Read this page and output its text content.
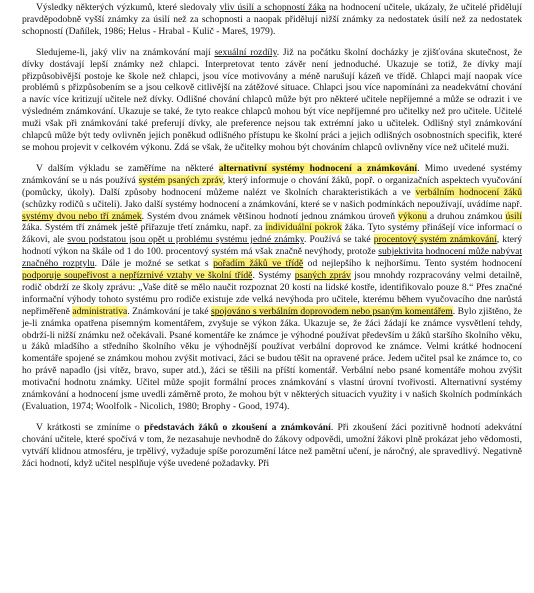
Výsledky některých výzkumů, které sledovaly vliv úsilí a schopností žáka na hodnocení učitele, ukázaly, že učitelé přidělují pravděpodobně vyšší známky za úsilí než za schopnosti a naopak přidělují nižší známky za nedostatek úsilí než za nedostatek schopností (Daňílek, 1986; Helus - Hrabal - Kulič - Mareš, 1979).

Sledujeme-li, jaký vliv na známkování mají sexuální rozdíly. Již na počátku školní docházky je zjišťována skutečnost, že dívky dostávají lepší známky než chlapci. Interpretovat tento závěr není jednoduché. Ukazuje se totiž, že dívky mají přizpůsobivější postoje ke škole než chlapci, jsou více motivovány a méně narušují kázeň ve třídě. Chlapci mají naopak více problémů s přizpůsobením se a jsou celkově citlivější na zátěžové situace. Chlapci jsou více napomínáni za neadekvátní chování a navíc více kritizují učitele než dívky. Odlišné chování chlapců může být pro některé učitele nepříjemné a může se odrazit i ve výsledném známkování. Ukazuje se také, že tyto reakce chlapců mohou být více nepříjemné pro učitelky než pro učitele. Učitelé muži však při známkování také preferují dívky, ale preference nejsou tak extrémní jako u učitelek. Odlišný styl známkování chlapců může být tedy ovlivněn jejich poněkud odlišného přístupu ke školní práci a jejich odlišných osobnostních specifik, které se mohou projevit v celkovém výkonu. Zdá se však, že učitelky mohou být chováním chlapců ovlivněny více než učitelé muži.

V dalším výkladu se zaměříme na některé alternativní systémy hodnocení a známkování. Mimo uvedené systémy známkování se u nás používá systém psaných zpráv, který informuje o chování žáků, popř. o organizačních aspektech vyučování (pomůcky, úkoly). Další způsoby hodnocení můžeme nalézt ve školních charakteristikách a ve verbálním hodnocení žáků (schůzky rodičů s učiteli). Jako další systémy hodnocení a známkování, které se v našich podmínkách nepoužívají, uvádíme např. systémy dvou nebo tří známek. Systém dvou známek většinou hodnotí jednou známkou úroveň výkonu a druhou známkou úsilí žáka. Systém tří známek ještě přiřazuje třetí známku, např. za individuální pokrok žáka. Tyto systémy přinášejí více informací o žákovi, ale svou podstatou jsou opět u problému systému jedné známky. Používá se také procentový systém známkování, který hodnotí výkon na škále od 1 do 100. procentový systém má však značně nevýhody, protože subjektivita hodnocení může nabývat značného rozptylu. Dále je možné se setkat s pořadím žáků ve třídě od nejlepšího k nejhoršímu. Tento systém hodnocení podporuje soupeřivost a nepřízrnivé vztahy ve školní třídě. Systémy psaných zpráv jsou mnohdy rozpracovány velmi detailně, rodič obdrží ze školy zprávu: „Vaše dítě se mělo naučit rozpoznat 20 kostí na lidské kostře, identifikovalo pouze 8.“ Přes značné informační výhody tohoto systému pro rodiče existuje zde velká nevýhoda pro učitele, kterému během vyučovacího dne narůstá nepřiměřeně administrativa. Známkování je také spojováno s verbálním doprovodem nebo psaným komentářem. Bylo zjištěno, že je-li známka opatřena písemným komentářem, zvyšuje se výkon žáka. Ukazuje se, že žáci žádají ke známce vysvětlení tehdy, obdrží-li nižší známku než očekávali. Psané komentáře ke známce je výhodné používat především u žáků staršího školního věku, u žáků mladšího a středního školního věku je výhodnější používat verbální doprovod ke známce. Velmi krátké hodnocení komentáře spojené se známkou mohou zvýšit motivaci, žáci se budou těšit na opravené práce. Jedem učitel psal ke známce to, co ho právě napadlo (jsi vítěz, bravo, super atd.), žáci se těšili na příští komentář. Verbální nebo psané komentáře mohou zvýšit motivační hodnotu známky. Učitel může spojit formální proces známkování s vlastní úrovní tvořivosti. Alternativní systémy známkování a hodnocení jsme uvedli záměrně proto, že mohou být v některých situacích využity i v našich školních podmínkách (Evaluation, 1974; Woolfolk - Nicolich, 1980; Brophy - Good, 1974).

V krátkosti se zmíníme o představách žáků o zkoušení a známkování. Při zkoušení žáci pozitivně hodnotí adekvátní chování učitele, které spočívá v tom, že nezasahuje nevhodně do žákovy odpovědi, umožní žákovi plně prokázat jeho vědomosti, vytváří klidnou atmosféru, je trpělivý, vyžaduje spíše porozumění látce než pamětní učení, je náročný, ale spravedlivý. Negativně žáci hodnotí, když učitel nesplňuje výše uvedené požadavky. Při
